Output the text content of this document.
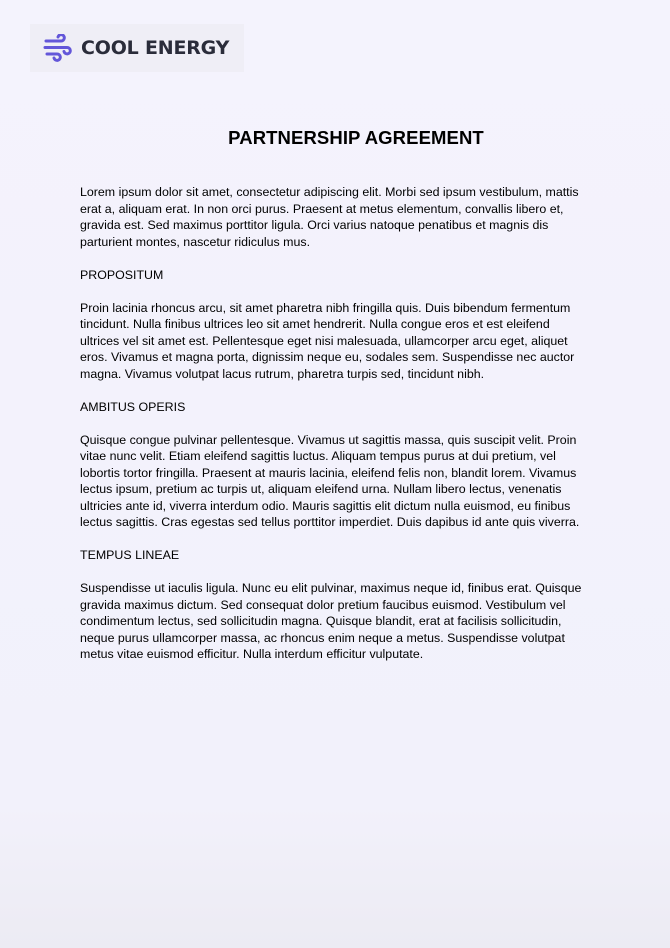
COOL ENERGY
PARTNERSHIP AGREEMENT

Lorem ipsum dolor sit amet, consectetur adipiscing elit. Morbi sed ipsum vestibulum, mattis erat a, aliquam erat. In non orci purus. Praesent at metus elementum, convallis libero et, gravida est. Sed maximus porttitor ligula. Orci varius natoque penatibus et magnis dis parturient montes, nascetur ridiculus mus.

PROPOSITUM

Proin lacinia rhoncus arcu, sit amet pharetra nibh fringilla quis. Duis bibendum fermentum tincidunt. Nulla finibus ultrices leo sit amet hendrerit. Nulla congue eros et est eleifend ultrices vel sit amet est. Pellentesque eget nisi malesuada, ullamcorper arcu eget, aliquet eros. Vivamus et magna porta, dignissim neque eu, sodales sem. Suspendisse nec auctor magna. Vivamus volutpat lacus rutrum, pharetra turpis sed, tincidunt nibh.

AMBITUS OPERIS

Quisque congue pulvinar pellentesque. Vivamus ut sagittis massa, quis suscipit velit. Proin vitae nunc velit. Etiam eleifend sagittis luctus. Aliquam tempus purus at dui pretium, vel lobortis tortor fringilla. Praesent at mauris lacinia, eleifend felis non, blandit lorem. Vivamus lectus ipsum, pretium ac turpis ut, aliquam eleifend urna. Nullam libero lectus, venenatis ultricies ante id, viverra interdum odio. Mauris sagittis elit dictum nulla euismod, eu finibus lectus sagittis. Cras egestas sed tellus porttitor imperdiet. Duis dapibus id ante quis viverra.

TEMPUS LINEAE

Suspendisse ut iaculis ligula. Nunc eu elit pulvinar, maximus neque id, finibus erat. Quisque gravida maximus dictum. Sed consequat dolor pretium faucibus euismod. Vestibulum vel condimentum lectus, sed sollicitudin magna. Quisque blandit, erat at facilisis sollicitudin, neque purus ullamcorper massa, ac rhoncus enim neque a metus. Suspendisse volutpat metus vitae euismod efficitur. Nulla interdum efficitur vulputate.
